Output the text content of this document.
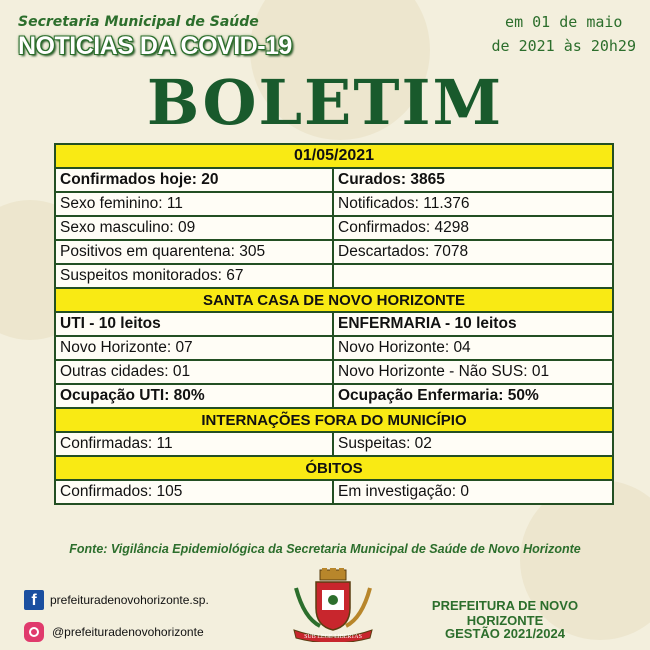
Secretaria Municipal de Saúde
NOTICIAS DA COVID-19
em 01 de maio
de 2021 às 20h29
BOLETIM
01/05/2021	
Confirmados hoje: 20	Curados: 3865
Sexo feminino: 11	Notificados: 11.376
Sexo masculino: 09	Confirmados: 4298
Positivos em quarentena: 305	Descartados: 7078
Suspeitos monitorados: 67	
SANTA CASA DE NOVO HORIZONTE	
UTI - 10 leitos	ENFERMARIA - 10 leitos
Novo Horizonte: 07	Novo Horizonte: 04
Outras cidades: 01	Novo Horizonte - Não SUS: 01
Ocupação UTI: 80%	Ocupação Enfermaria: 50%
INTERNAÇÕES FORA DO MUNICÍPIO	
Confirmadas: 11	Suspeitas: 02
ÓBITOS	
Confirmados: 105	Em investigação: 0
Fonte: Vigilância Epidemiológica da Secretaria Municipal de Saúde de Novo Horizonte
f	prefeituradenovohorizonte.sp.
@prefeituradenovohorizonte	SUB LEGE LIBERTAS
PREFEITURA DE NOVO HORIZONTE
GESTÃO 2021/2024
